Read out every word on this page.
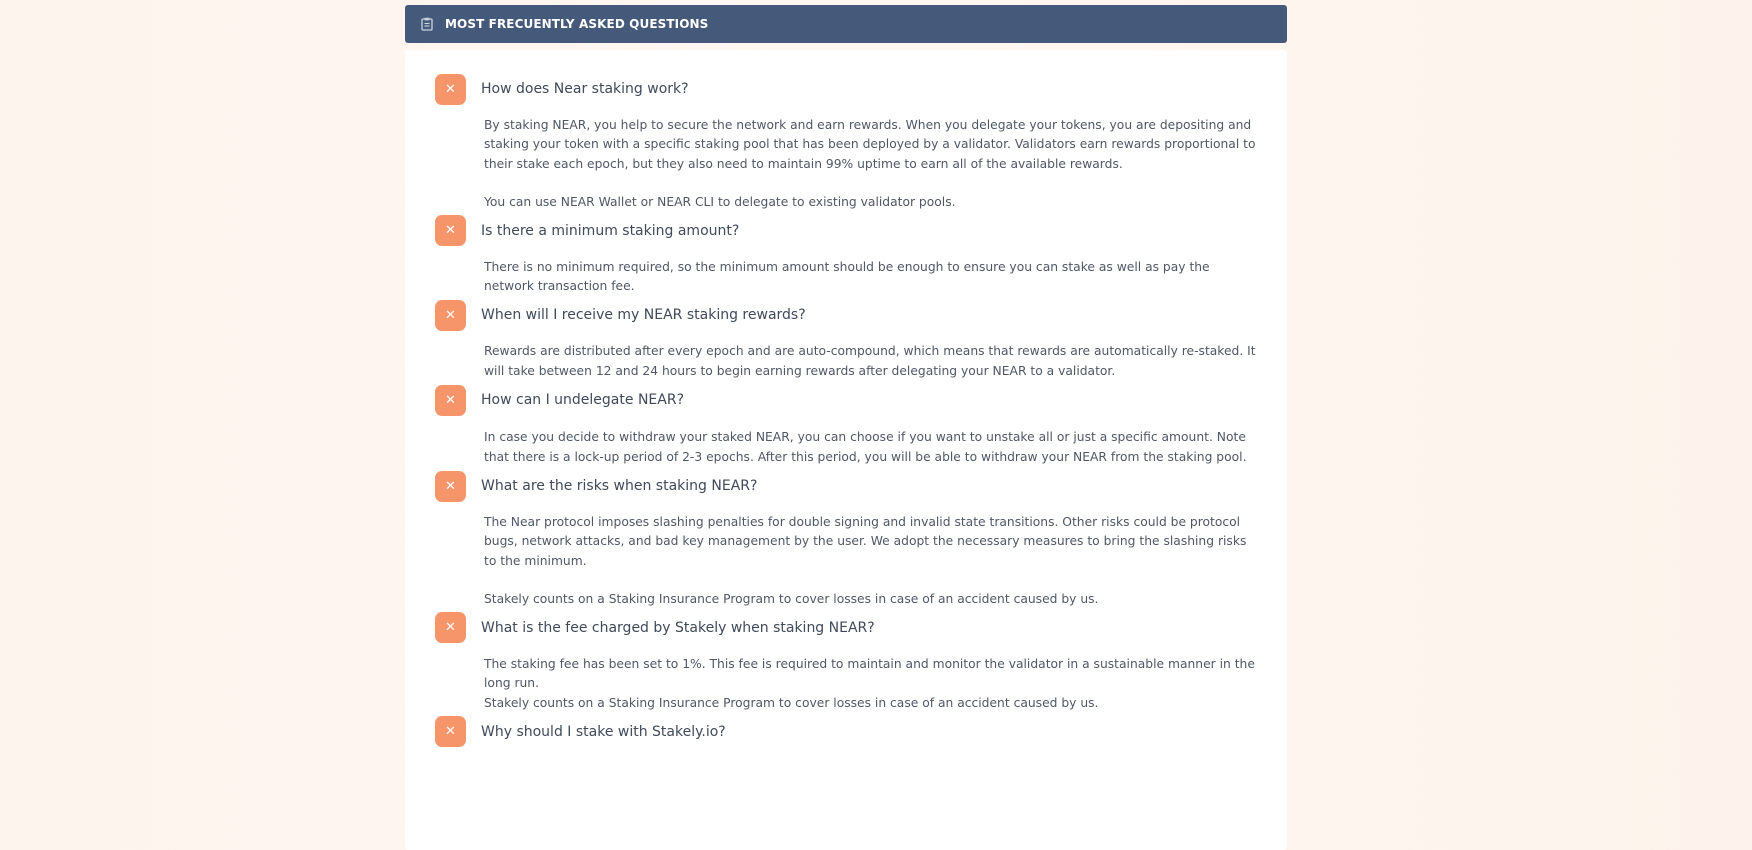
MOST FRECUENTLY ASKED QUESTIONS
✕	How does Near staking work?

By staking NEAR, you help to secure the network and earn rewards. When you delegate your tokens, you are depositing and staking your token with a specific staking pool that has been deployed by a validator. Validators earn rewards proportional to their stake each epoch, but they also need to maintain 99% uptime to earn all of the available rewards.

You can use NEAR Wallet or NEAR CLI to delegate to existing validator pools.

✕	Is there a minimum staking amount?

There is no minimum required, so the minimum amount should be enough to ensure you can stake as well as pay the network transaction fee.

✕	When will I receive my NEAR staking rewards?

Rewards are distributed after every epoch and are auto-compound, which means that rewards are automatically re-staked. It will take between 12 and 24 hours to begin earning rewards after delegating your NEAR to a validator.

✕	How can I undelegate NEAR?

In case you decide to withdraw your staked NEAR, you can choose if you want to unstake all or just a specific amount. Note that there is a lock-up period of 2-3 epochs. After this period, you will be able to withdraw your NEAR from the staking pool.

✕	What are the risks when staking NEAR?

The Near protocol imposes slashing penalties for double signing and invalid state transitions. Other risks could be protocol bugs, network attacks, and bad key management by the user. We adopt the necessary measures to bring the slashing risks to the minimum.

Stakely counts on a Staking Insurance Program to cover losses in case of an accident caused by us.

✕	What is the fee charged by Stakely when staking NEAR?

The staking fee has been set to 1%. This fee is required to maintain and monitor the validator in a sustainable manner in the long run.

Stakely counts on a Staking Insurance Program to cover losses in case of an accident caused by us.

✕	Why should I stake with Stakely.io?
